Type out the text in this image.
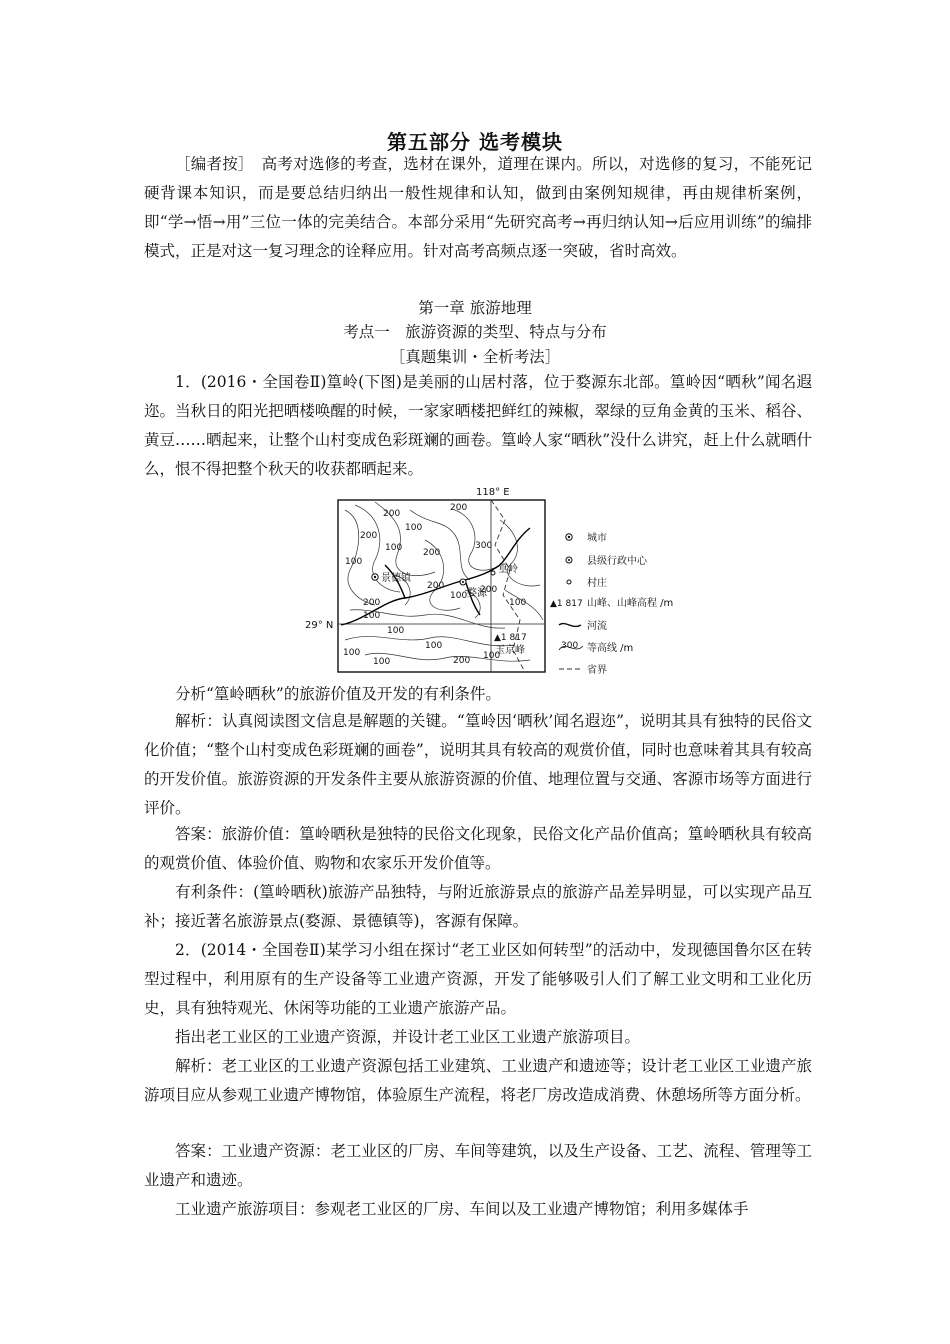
第五部分 选考模块

［编者按］　高考对选修的考查，选材在课外，道理在课内。所以，对选修的复习，不能死记硬背课本知识，而是要总结归纳出一般性规律和认知，做到由案例知规律，再由规律析案例，即“学→悟→用”三位一体的完美结合。本部分采用“先研究高考→再归纳认知→后应用训练”的编排模式，正是对这一复习理念的诠释应用。针对高考高频点逐一突破，省时高效。

第一章 旅游地理
考点一　旅游资源的类型、特点与分布
［真题集训・全析考法］

1．(2016・全国卷Ⅱ)篁岭(下图)是美丽的山居村落，位于婺源东北部。篁岭因“晒秋”闻名遐迩。当秋日的阳光把晒楼唤醒的时候，一家家晒楼把鲜红的辣椒，翠绿的豆角金黄的玉米、稻谷、黄豆……晒起来，让整个山村变成色彩斑斓的画卷。篁岭人家“晒秋”没什么讲究，赶上什么就晒什么，恨不得把整个秋天的收获都晒起来。

200
100
200
100
100
200
200
300
200
200
100
100
200
100
100
100
100
100	200 100
景德镇
婺源
篁岭
▲1 817
玉京峰
118° E
29° N
城市
县级行政中心
村庄
▲1 817 山峰、山峰高程 /m
河流
300 等高线 /m
省界

分析“篁岭晒秋”的旅游价值及开发的有利条件。

解析：认真阅读图文信息是解题的关键。“篁岭因‘晒秋’闻名遐迩”，说明其具有独特的民俗文化价值；“整个山村变成色彩斑斓的画卷”，说明其具有较高的观赏价值，同时也意味着其具有较高的开发价值。旅游资源的开发条件主要从旅游资源的价值、地理位置与交通、客源市场等方面进行评价。

答案：旅游价值：篁岭晒秋是独特的民俗文化现象，民俗文化产品价值高；篁岭晒秋具有较高的观赏价值、体验价值、购物和农家乐开发价值等。

有利条件：(篁岭晒秋)旅游产品独特，与附近旅游景点的旅游产品差异明显，可以实现产品互补；接近著名旅游景点(婺源、景德镇等)，客源有保障。

2．(2014・全国卷Ⅱ)某学习小组在探讨“老工业区如何转型”的活动中，发现德国鲁尔区在转型过程中，利用原有的生产设备等工业遗产资源，开发了能够吸引人们了解工业文明和工业化历史，具有独特观光、休闲等功能的工业遗产旅游产品。

指出老工业区的工业遗产资源，并设计老工业区工业遗产旅游项目。

解析：老工业区的工业遗产资源包括工业建筑、工业遗产和遗迹等；设计老工业区工业遗产旅游项目应从参观工业遗产博物馆，体验原生产流程，将老厂房改造成消费、休憩场所等方面分析。

答案：工业遗产资源：老工业区的厂房、车间等建筑，以及生产设备、工艺、流程、管理等工业遗产和遗迹。

工业遗产旅游项目：参观老工业区的厂房、车间以及工业遗产博物馆；利用多媒体手
